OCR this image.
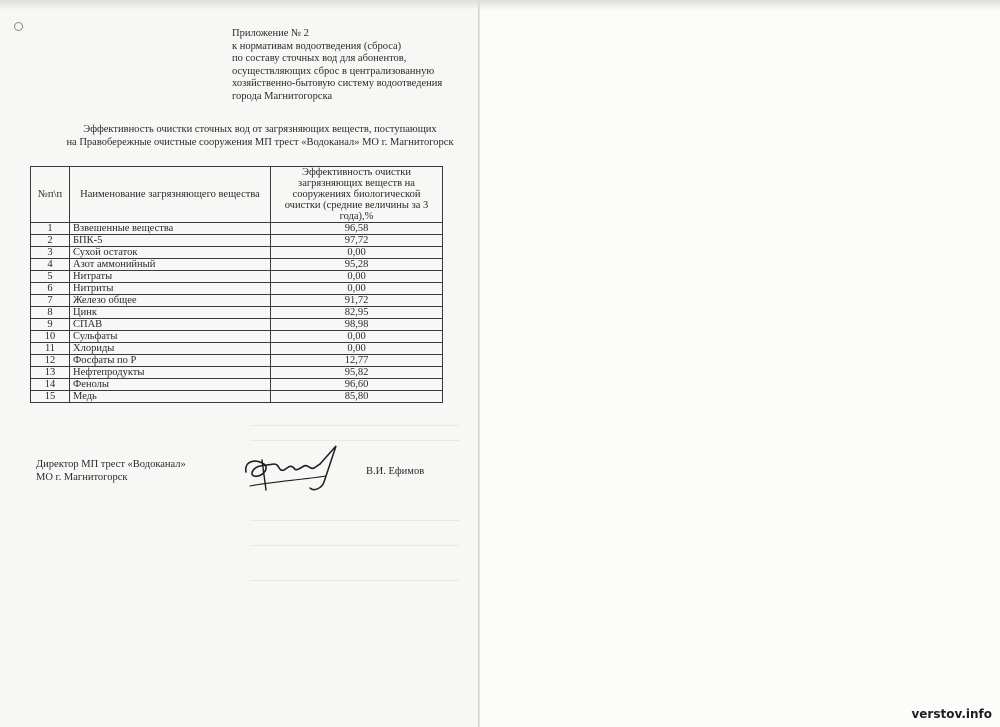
Приложение № 2
к нормативам водоотведения (сброса)
по составу сточных вод для абонентов,
осуществляющих сброс в централизованную
хозяйственно-бытовую систему водоотведения
города Магнитогорска
Эффективность очистки сточных вод от загрязняющих веществ, поступающих
на Правобережные очистные сооружения МП трест «Водоканал» МО г. Магнитогорск
№п\п	Наименование загрязняющего вещества	Эффективность очистки загрязняющих веществ на сооружениях биологической очистки (средние величины за 3 года),%
1	Взвешенные вещества	96,58
2	БПК-5	97,72
3	Сухой остаток	0,00
4	Азот аммонийный	95,28
5	Нитраты	0,00
6	Нитриты	0,00
7	Железо общее	91,72
8	Цинк	82,95
9	СПАВ	98,98
10	Сульфаты	0,00
11	Хлориды	0,00
12	Фосфаты по Р	12,77
13	Нефтепродукты	95,82
14	Фенолы	96,60
15	Медь	85,80
Директор МП трест «Водоканал»
МО г. Магнитогорск	В.И. Ефимов
verstov.info
